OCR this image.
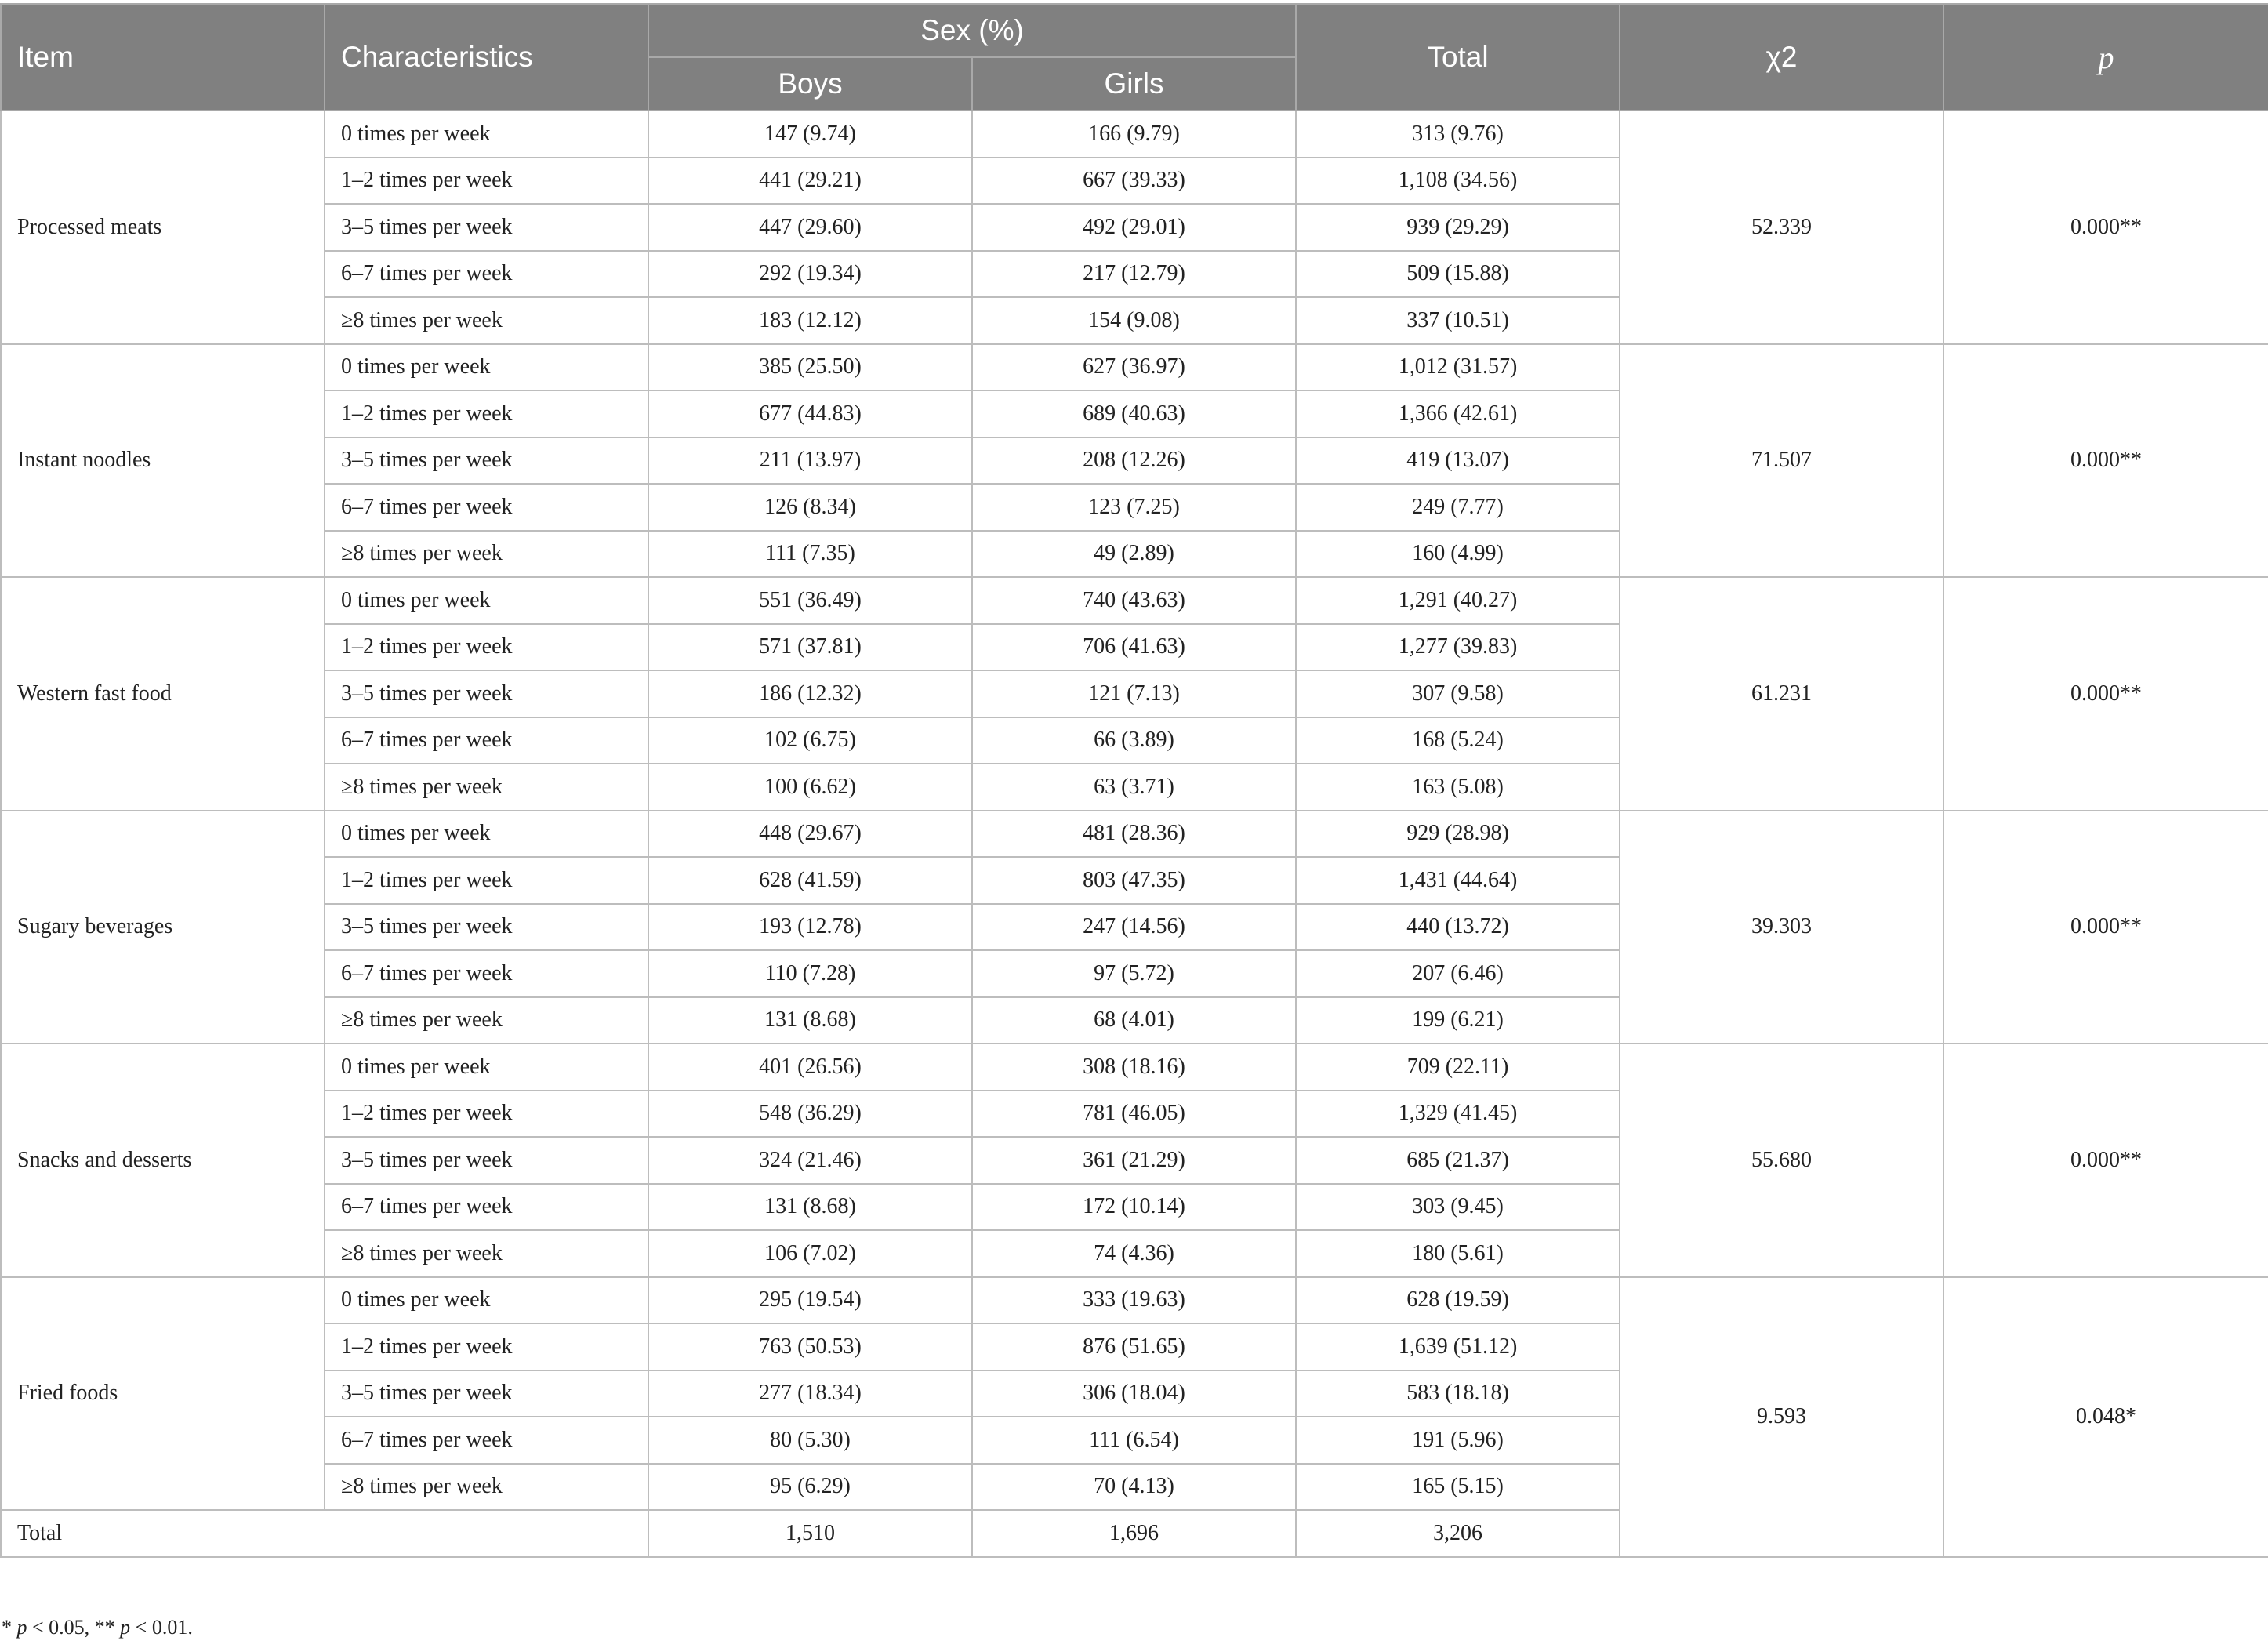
Item	Characteristics	Sex (%)		Total	χ2	p
		Boys	Girls			
Processed meats	0 times per week	147 (9.74)	166 (9.79)	313 (9.76)	52.339	0.000**
	1–2 times per week	441 (29.21)	667 (39.33)	1,108 (34.56)		
	3–5 times per week	447 (29.60)	492 (29.01)	939 (29.29)		
	6–7 times per week	292 (19.34)	217 (12.79)	509 (15.88)		
	≥8 times per week	183 (12.12)	154 (9.08)	337 (10.51)		
Instant noodles	0 times per week	385 (25.50)	627 (36.97)	1,012 (31.57)	71.507	0.000**
	1–2 times per week	677 (44.83)	689 (40.63)	1,366 (42.61)		
	3–5 times per week	211 (13.97)	208 (12.26)	419 (13.07)		
	6–7 times per week	126 (8.34)	123 (7.25)	249 (7.77)		
	≥8 times per week	111 (7.35)	49 (2.89)	160 (4.99)		
Western fast food	0 times per week	551 (36.49)	740 (43.63)	1,291 (40.27)	61.231	0.000**
	1–2 times per week	571 (37.81)	706 (41.63)	1,277 (39.83)		
	3–5 times per week	186 (12.32)	121 (7.13)	307 (9.58)		
	6–7 times per week	102 (6.75)	66 (3.89)	168 (5.24)		
	≥8 times per week	100 (6.62)	63 (3.71)	163 (5.08)		
Sugary beverages	0 times per week	448 (29.67)	481 (28.36)	929 (28.98)	39.303	0.000**
	1–2 times per week	628 (41.59)	803 (47.35)	1,431 (44.64)		
	3–5 times per week	193 (12.78)	247 (14.56)	440 (13.72)		
	6–7 times per week	110 (7.28)	97 (5.72)	207 (6.46)		
	≥8 times per week	131 (8.68)	68 (4.01)	199 (6.21)		
Snacks and desserts	0 times per week	401 (26.56)	308 (18.16)	709 (22.11)	55.680	0.000**
	1–2 times per week	548 (36.29)	781 (46.05)	1,329 (41.45)		
	3–5 times per week	324 (21.46)	361 (21.29)	685 (21.37)		
	6–7 times per week	131 (8.68)	172 (10.14)	303 (9.45)		
	≥8 times per week	106 (7.02)	74 (4.36)	180 (5.61)		
Fried foods	0 times per week	295 (19.54)	333 (19.63)	628 (19.59)	9.593	0.048*
	1–2 times per week	763 (50.53)	876 (51.65)	1,639 (51.12)		
	3–5 times per week	277 (18.34)	306 (18.04)	583 (18.18)		
	6–7 times per week	80 (5.30)	111 (6.54)	191 (5.96)		
	≥8 times per week	95 (6.29)	70 (4.13)	165 (5.15)		
Total		1,510	1,696	3,206		
* p < 0.05, ** p < 0.01.
